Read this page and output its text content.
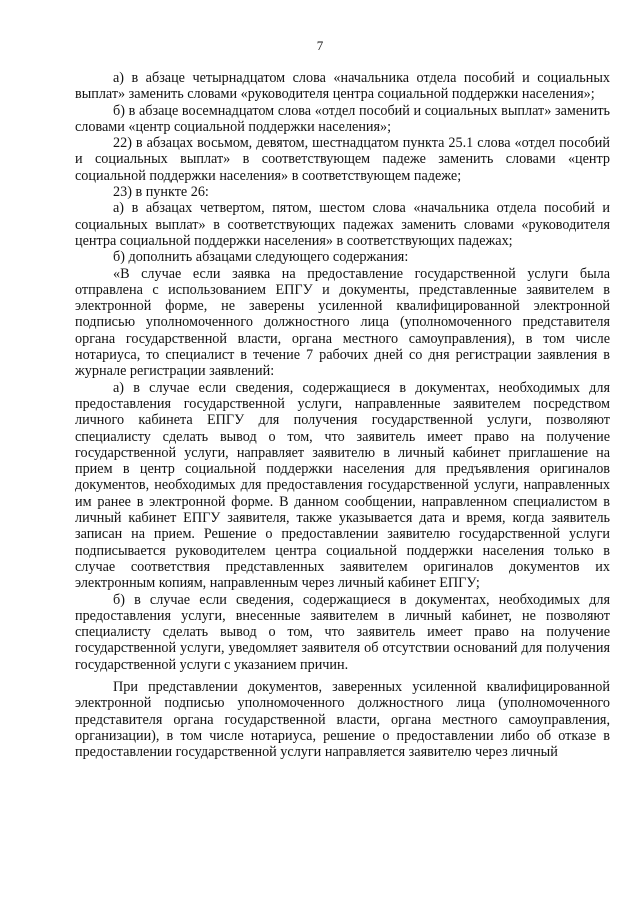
7

а) в абзаце четырнадцатом слова «начальника отдела пособий и социальных выплат» заменить словами «руководителя центра социальной поддержки населения»;

б) в абзаце восемнадцатом слова «отдел пособий и социальных выплат» заменить словами «центр социальной поддержки населения»;

22) в абзацах восьмом, девятом, шестнадцатом пункта 25.1 слова «отдел пособий и социальных выплат» в соответствующем падеже заменить словами «центр социальной поддержки населения» в соответствующем падеже;

23) в пункте 26:

а) в абзацах четвертом, пятом, шестом слова «начальника отдела пособий и социальных выплат» в соответствующих падежах заменить словами «руководителя центра социальной поддержки населения» в соответствующих падежах;

б) дополнить абзацами следующего содержания:

«В случае если заявка на предоставление государственной услуги была отправлена с использованием ЕПГУ и документы, представленные заявителем в электронной форме, не заверены усиленной квалифицированной электронной подписью уполномоченного должностного лица (уполномоченного представителя органа государственной власти, органа местного самоуправления), в том числе нотариуса, то специалист в течение 7 рабочих дней со дня регистрации заявления в журнале регистрации заявлений:

а) в случае если сведения, содержащиеся в документах, необходимых для предоставления государственной услуги, направленные заявителем посредством личного кабинета ЕПГУ для получения государственной услуги, позволяют специалисту сделать вывод о том, что заявитель имеет право на получение государственной услуги, направляет заявителю в личный кабинет приглашение на прием в центр социальной поддержки населения для предъявления оригиналов документов, необходимых для предоставления государственной услуги, направленных им ранее в электронной форме. В данном сообщении, направленном специалистом в личный кабинет ЕПГУ заявителя, также указывается дата и время, когда заявитель записан на прием. Решение о предоставлении заявителю государственной услуги подписывается руководителем центра социальной поддержки населения только в случае соответствия представленных заявителем оригиналов документов их электронным копиям, направленным через личный кабинет ЕПГУ;

б) в случае если сведения, содержащиеся в документах, необходимых для предоставления услуги, внесенные заявителем в личный кабинет, не позволяют специалисту сделать вывод о том, что заявитель имеет право на получение государственной услуги, уведомляет заявителя об отсутствии оснований для получения государственной услуги с указанием причин.

При представлении документов, заверенных усиленной квалифицированной электронной подписью уполномоченного должностного лица (уполномоченного представителя органа государственной власти, органа местного самоуправления, организации), в том числе нотариуса, решение о предоставлении либо об отказе в предоставлении государственной услуги направляется заявителю через личный
